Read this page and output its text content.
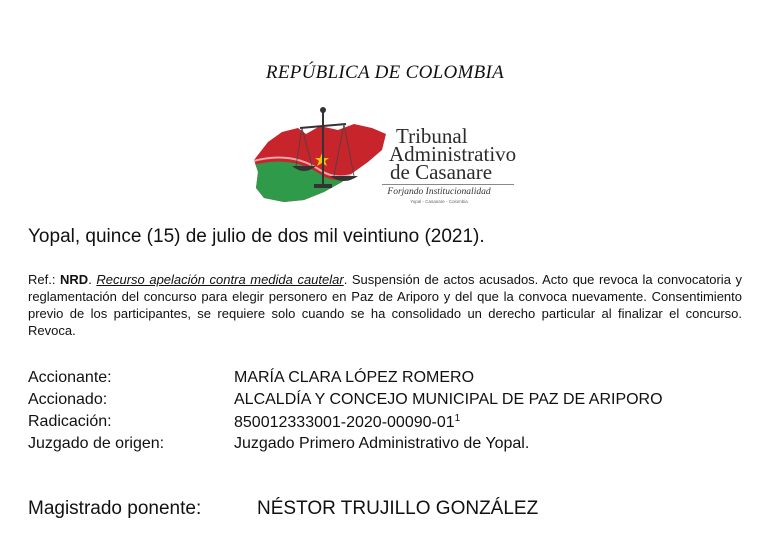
REPÚBLICA DE COLOMBIA
Tribunal
Administrativo
de Casanare
Forjando Institucionalidad
Yopal - Casanare - Colombia
Yopal, quince (15) de julio de dos mil veintiuno (2021).
Ref.: NRD. Recurso apelación contra medida cautelar. Suspensión de actos acusados. Acto que revoca la convocatoria y reglamentación del concurso para elegir personero en Paz de Ariporo y del que la convoca nuevamente. Consentimiento previo de los participantes, se requiere solo cuando se ha consolidado un derecho particular al finalizar el concurso. Revoca.
Accionante:	MARÍA CLARA LÓPEZ ROMERO
Accionado:	ALCALDÍA Y CONCEJO MUNICIPAL DE PAZ DE ARIPORO
Radicación:	$850012333001-2020-00090-01^1$
Juzgado de origen:	Juzgado Primero Administrativo de Yopal.
Magistrado ponente:	NÉSTOR TRUJILLO GONZÁLEZ
